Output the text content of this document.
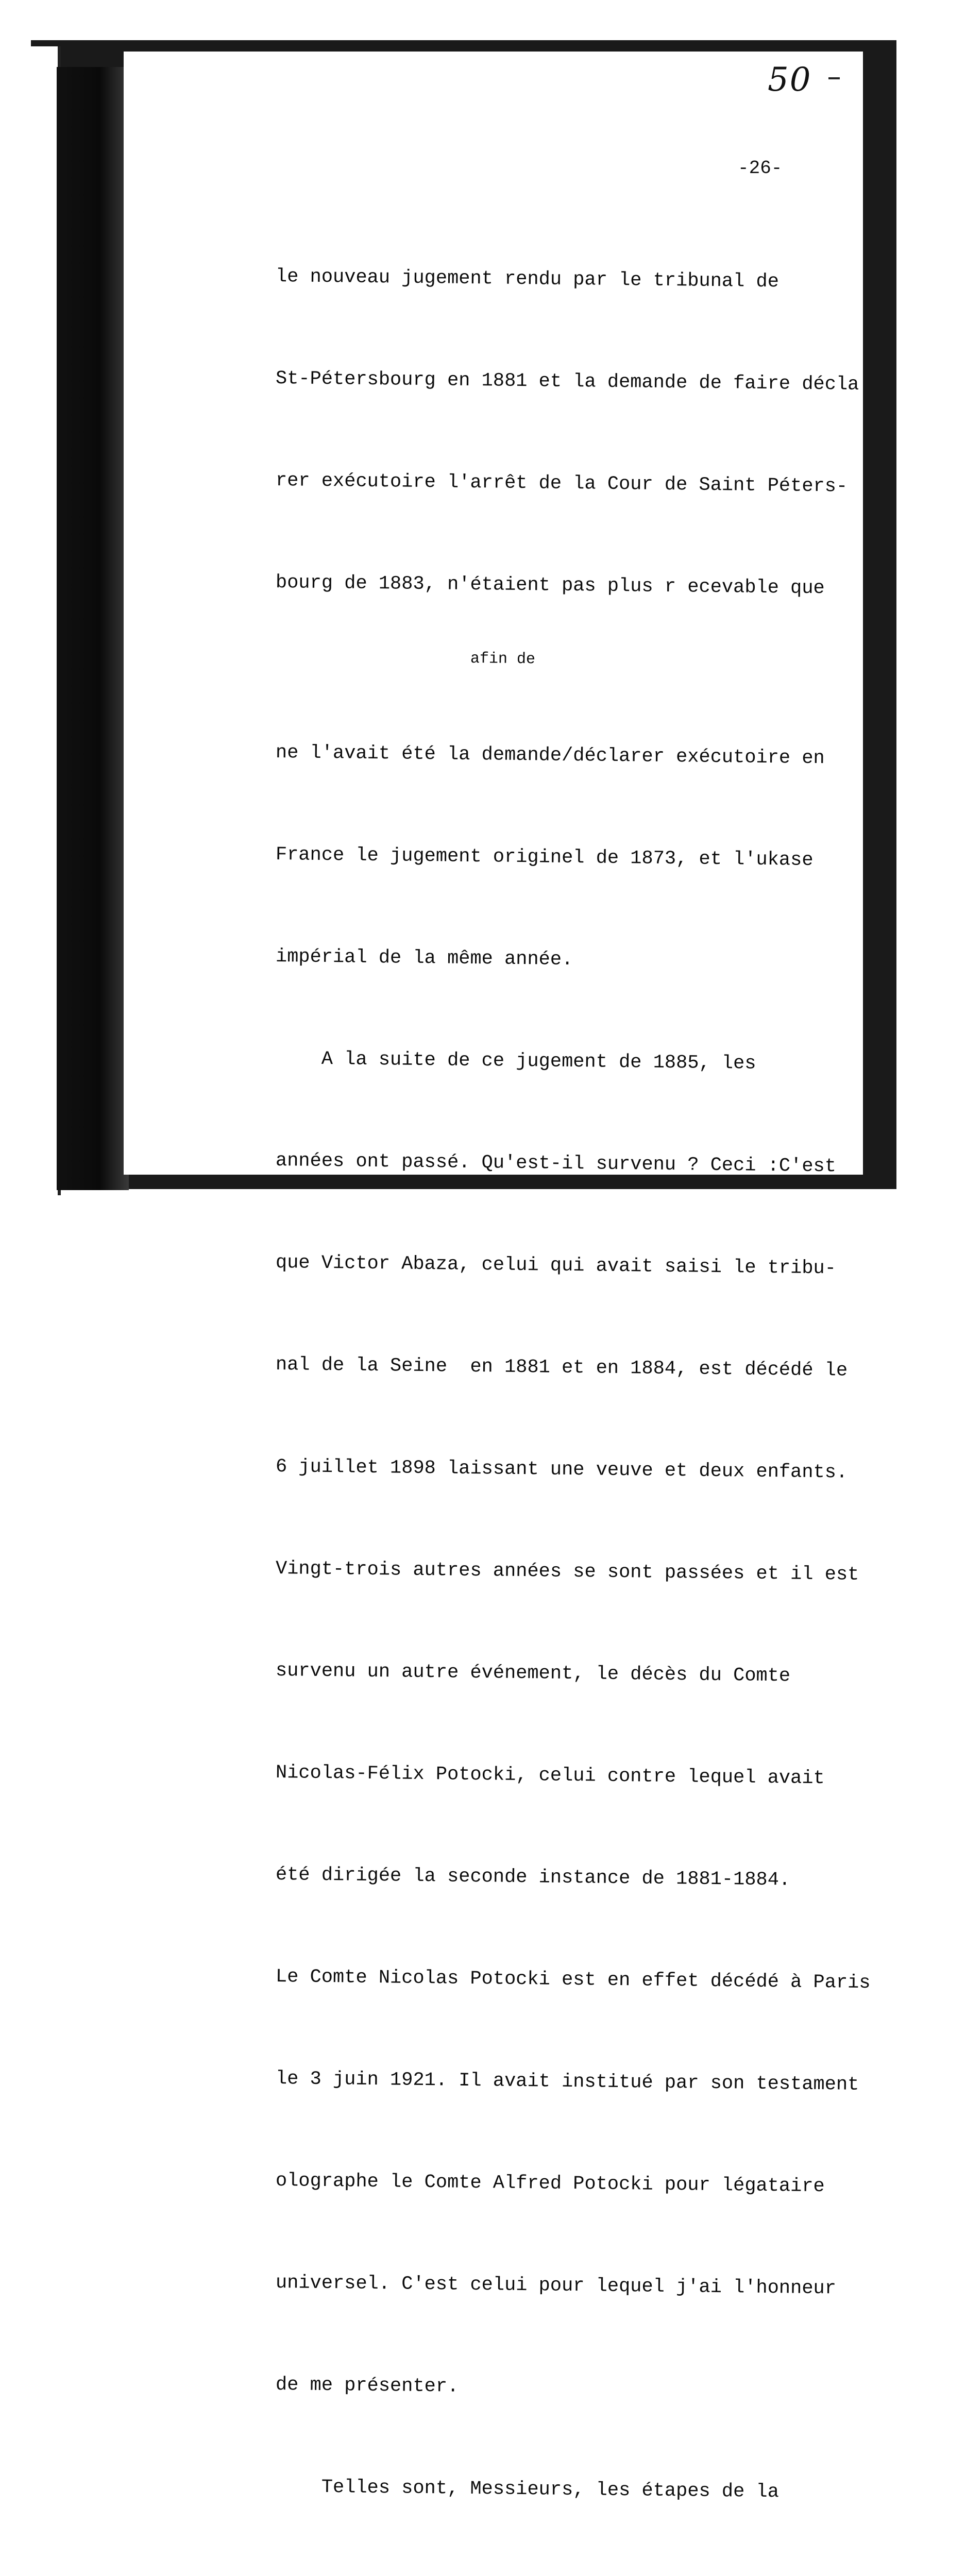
50
-26-

le nouveau jugement rendu par le tribunal de

St-Pétersbourg en 1881 et la demande de faire décla

rer exécutoire l'arrêt de la Cour de Saint Péters-

bourg de 1883, n'étaient pas plus r ecevable que

afin de

ne l'avait été la demande/déclarer exécutoire en

France le jugement originel de 1873, et l'ukase

impérial de la même année.

A la suite de ce jugement de 1885, les

années ont passé. Qu'est-il survenu ? Ceci :C'est

que Victor Abaza, celui qui avait saisi le tribu-

nal de la Seine  en 1881 et en 1884, est décédé le

6 juillet 1898 laissant une veuve et deux enfants.

Vingt-trois autres années se sont passées et il est

survenu un autre événement, le décès du Comte

Nicolas-Félix Potocki, celui contre lequel avait

été dirigée la seconde instance de 1881-1884.

Le Comte Nicolas Potocki est en effet décédé à Paris

le 3 juin 1921. Il avait institué par son testament

olographe le Comte Alfred Potocki pour légataire

universel. C'est celui pour lequel j'ai l'honneur

de me présenter.

Telles sont, Messieurs, les étapes de la
